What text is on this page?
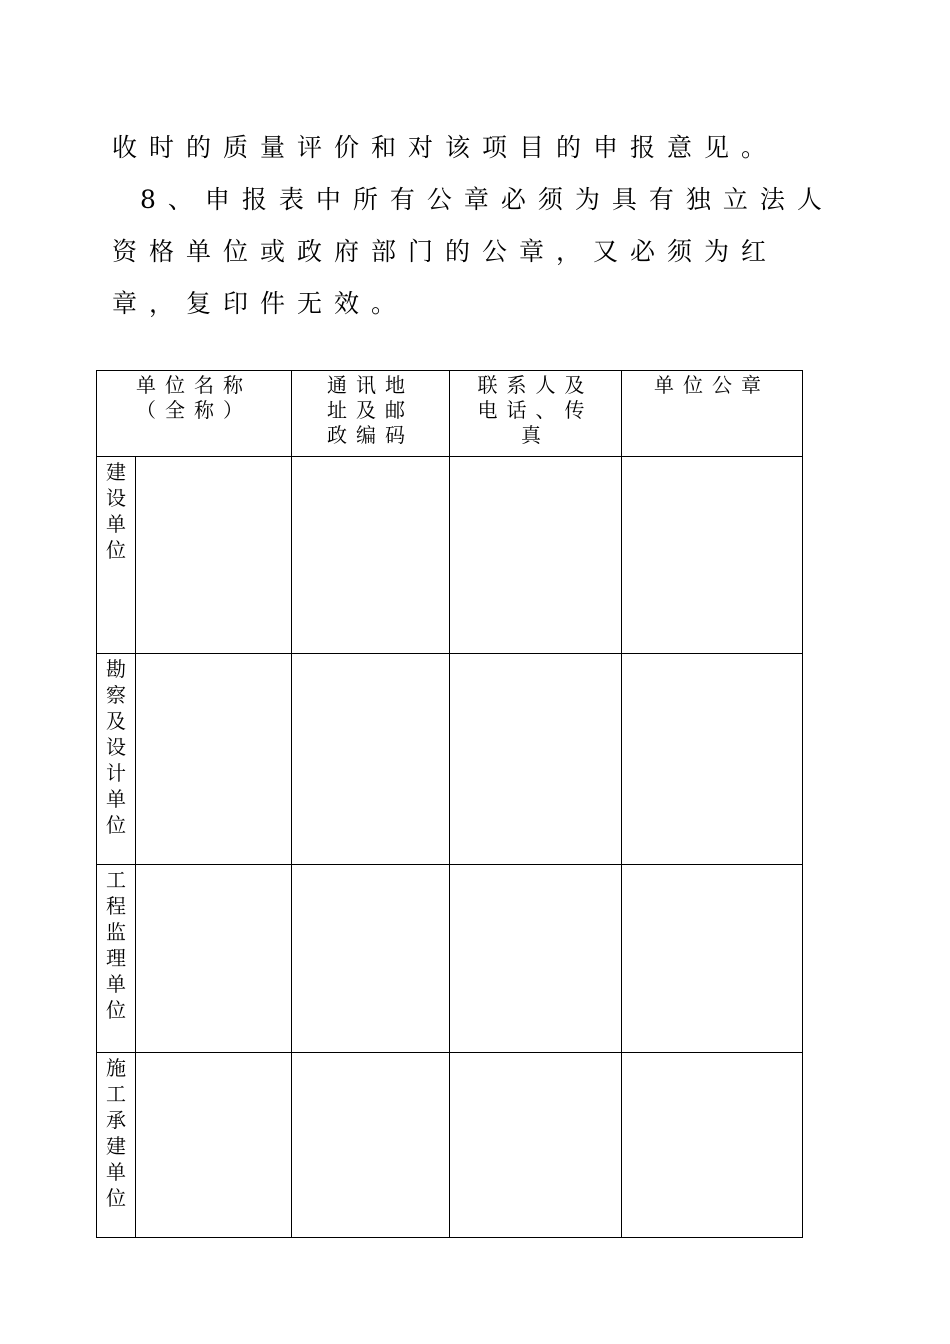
收时的质量评价和对该项目的申报意见。

8、申报表中所有公章必须为具有独立法人资格单位或政府部门的公章，又必须为红章，复印件无效。

单位名称
（全称）		通讯地
址及邮
政编码	联系人及
电话、传
真	单位公章
建设单位				
勘察及设计单位				
工程监理单位				
施工承建单位				
